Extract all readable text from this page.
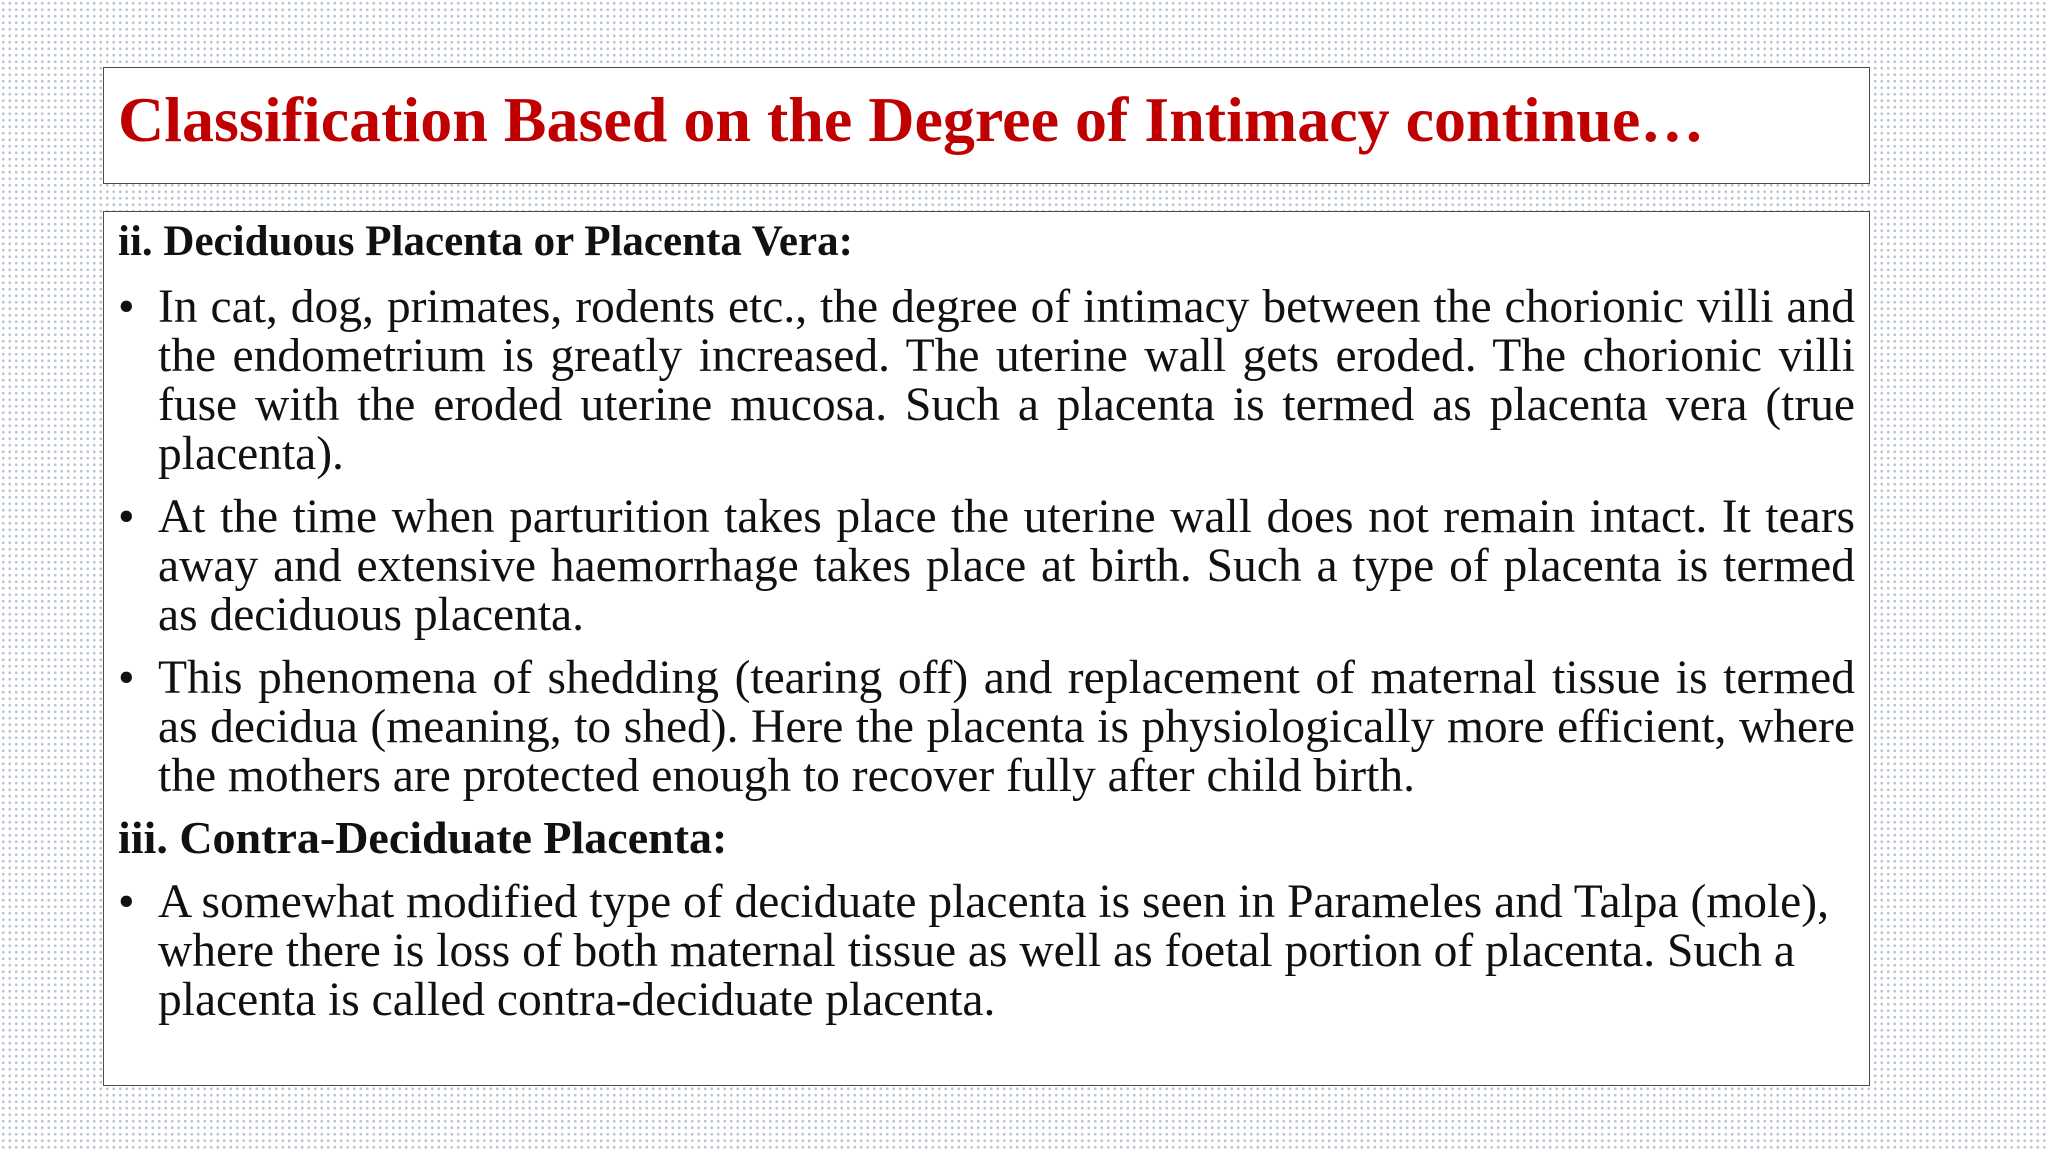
Classification Based on the Degree of Intimacy continue…
ii. Deciduous Placenta or Placenta Vera:
• In cat, dog, primates, rodents etc., the degree of intimacy between the chorionic villi and the endometrium is greatly increased. The uterine wall gets eroded. The chorionic villi fuse with the eroded uterine mucosa. Such a placenta is termed as placenta vera (true placenta).
• At the time when parturition takes place the uterine wall does not remain intact. It tears away and extensive haemorrhage takes place at birth. Such a type of placenta is termed as deciduous placenta.
• This phenomena of shedding (tearing off) and replacement of maternal tissue is termed as decidua (meaning, to shed). Here the placenta is physiologically more efficient, where the mothers are protected enough to recover fully after child birth.
iii. Contra-Deciduate Placenta:
• A somewhat modified type of deciduate placenta is seen in Parameles and Talpa (mole), where there is loss of both maternal tissue as well as foetal portion of placenta. Such a placenta is called contra-deciduate placenta.
